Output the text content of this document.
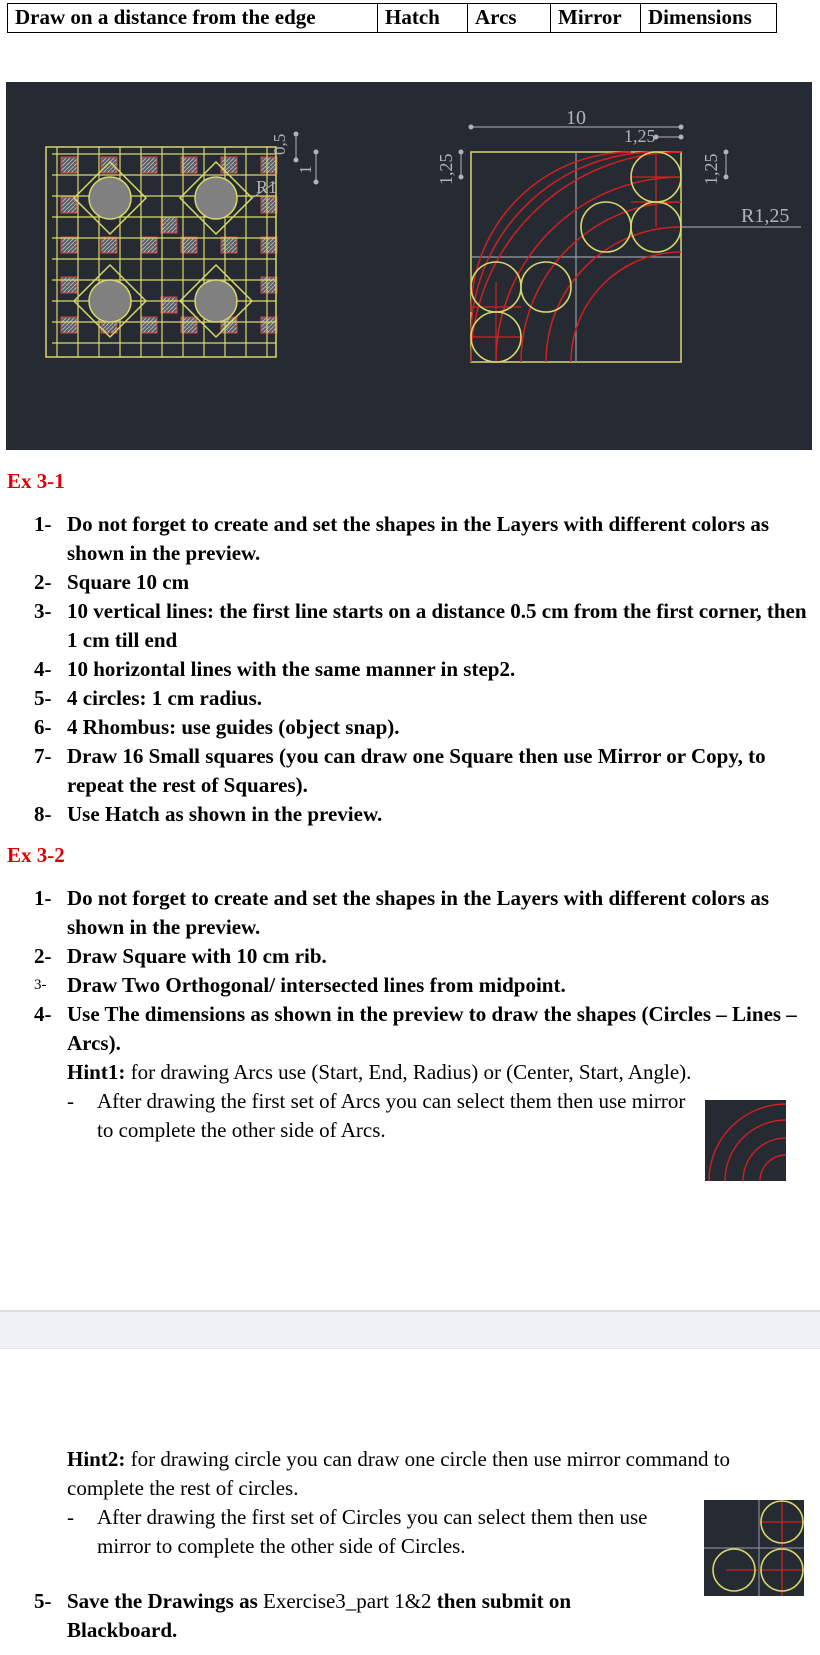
Draw on a distance from the edge	Hatch	Arcs	Mirror	Dimensions
0,5
1
R1
10
1,25
1,25	1,25
R1,25
Ex 3-1
1- Do not forget to create and set the shapes in the Layers with different colors as shown in the preview.
2- Square 10 cm
3- 10 vertical lines: the first line starts on a distance 0.5 cm from the first corner, then 1 cm till end
4- 10 horizontal lines with the same manner in step2.
5- 4 circles: 1 cm radius.
6- 4 Rhombus: use guides (object snap).
7- Draw 16 Small squares (you can draw one Square then use Mirror or Copy, to repeat the rest of Squares).
8- Use Hatch as shown in the preview.
Ex 3-2
1- Do not forget to create and set the shapes in the Layers with different colors as shown in the preview.
2- Draw Square with 10 cm rib.
3- Draw Two Orthogonal/ intersected lines from midpoint.
4- Use The dimensions as shown in the preview to draw the shapes (Circles – Lines – Arcs).
Hint1: for drawing Arcs use (Start, End, Radius) or (Center, Start, Angle).
- After drawing the first set of Arcs you can select them then use mirror to complete the other side of Arcs.
Hint2: for drawing circle you can draw one circle then use mirror command to complete the rest of circles.
- After drawing the first set of Circles you can select them then use mirror to complete the other side of Circles.
5- Save the Drawings as Exercise3_part 1&2 then submit on Blackboard.
